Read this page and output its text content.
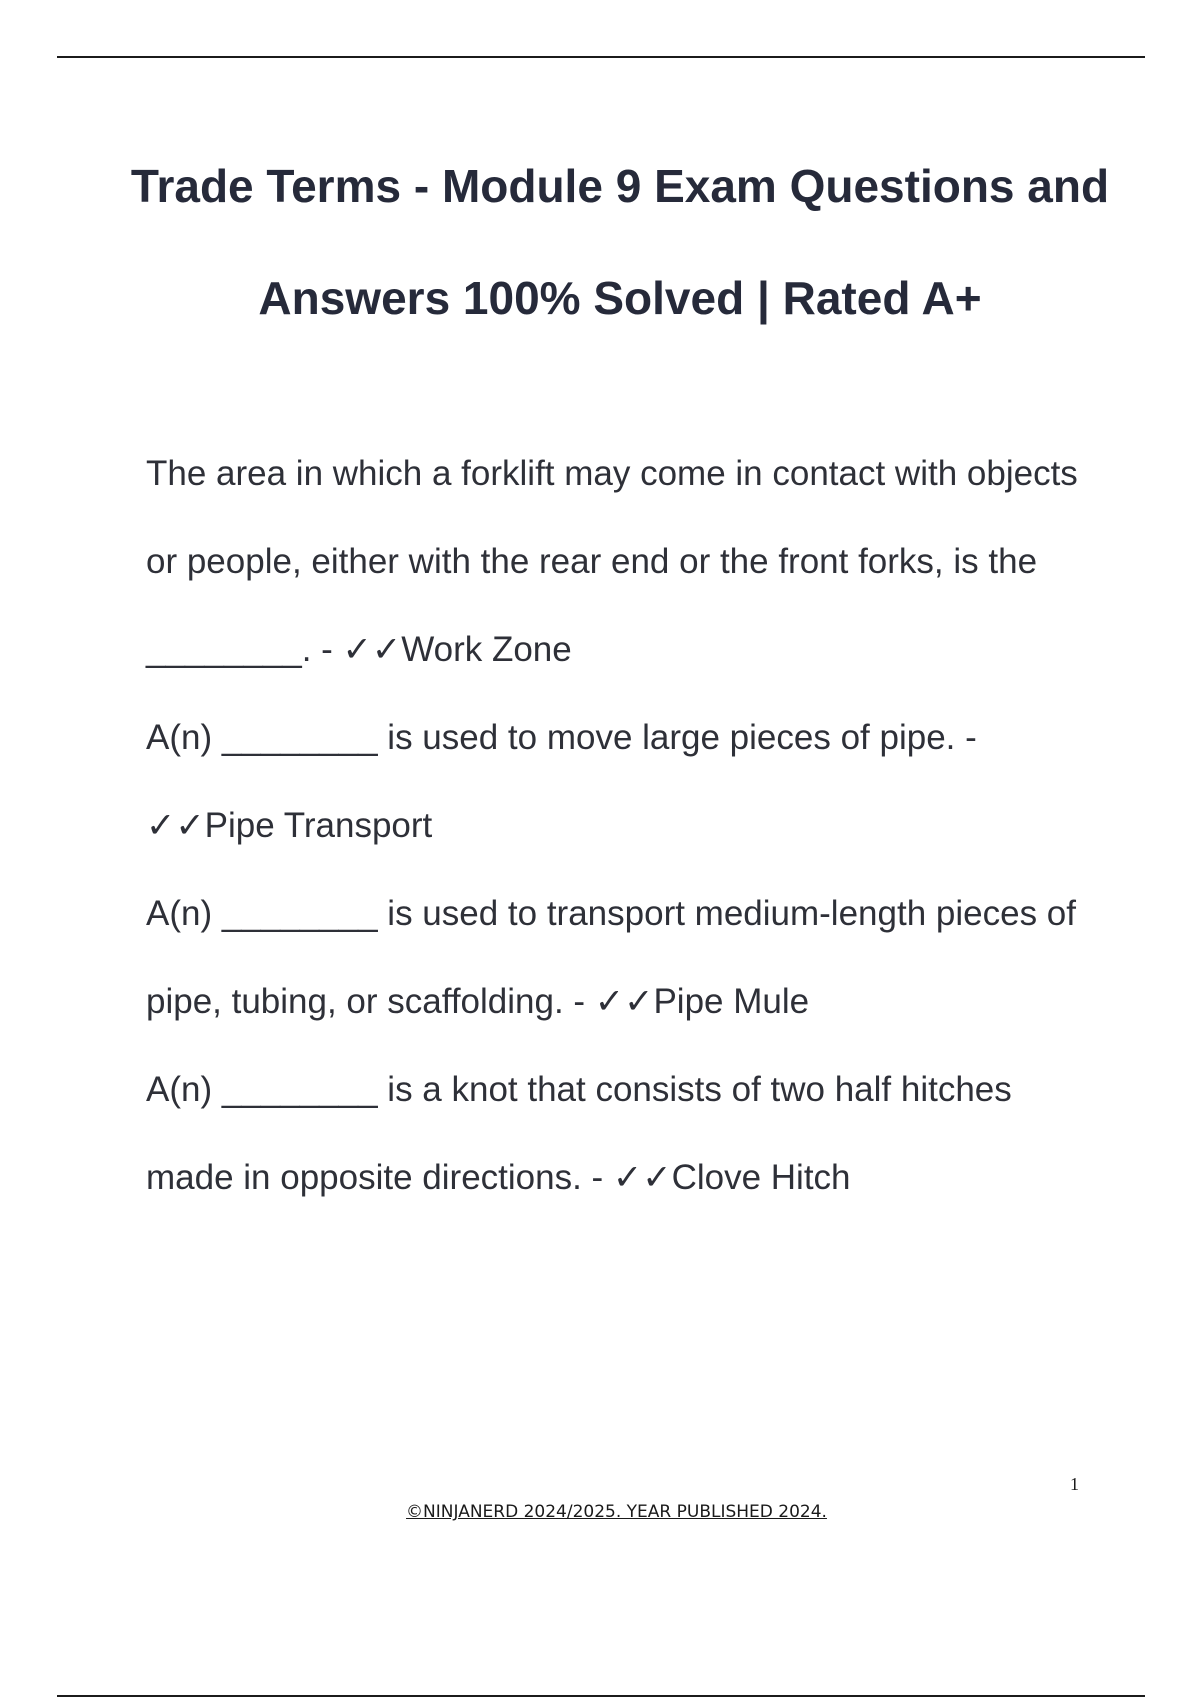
Trade Terms - Module 9 Exam Questions and Answers 100% Solved | Rated A+

The area in which a forklift may come in contact with objects or people, either with the rear end or the front forks, is the ________. - ✓✓Work Zone

A(n) ________ is used to move large pieces of pipe. - ✓✓Pipe Transport

A(n) ________ is used to transport medium-length pieces of pipe, tubing, or scaffolding. - ✓✓Pipe Mule

A(n) ________ is a knot that consists of two half hitches made in opposite directions. - ✓✓Clove Hitch

1
©NINJANERD 2024/2025. YEAR PUBLISHED 2024.
